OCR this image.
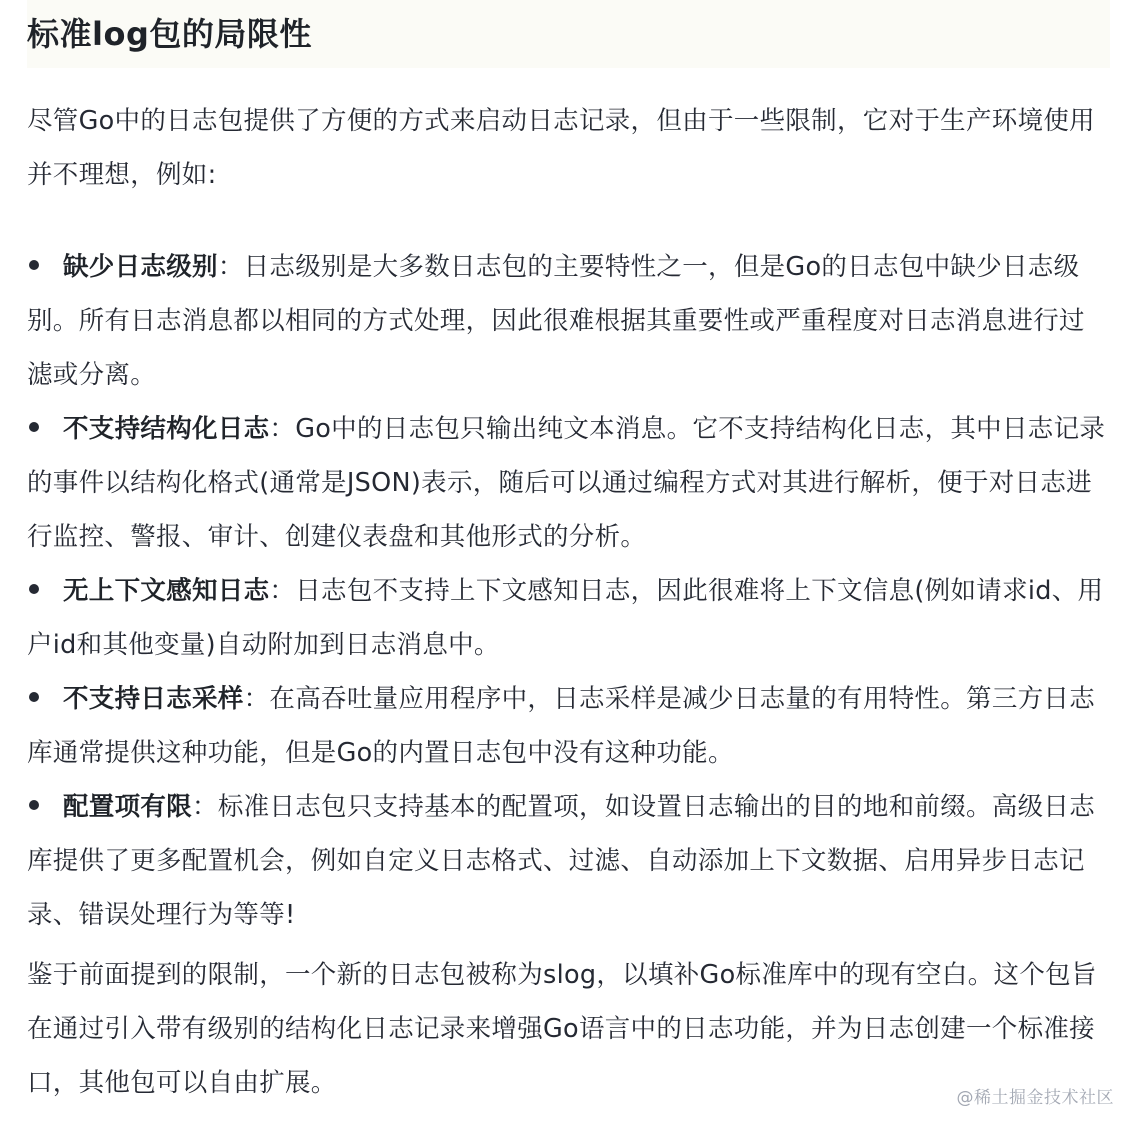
标准log包的局限性

尽管Go中的日志包提供了方便的方式来启动日志记录，但由于一些限制，它对于生产环境使用并不理想，例如:

缺少日志级别：日志级别是大多数日志包的主要特性之一，但是Go的日志包中缺少日志级别。所有日志消息都以相同的方式处理，因此很难根据其重要性或严重程度对日志消息进行过滤或分离。
不支持结构化日志：Go中的日志包只输出纯文本消息。它不支持结构化日志，其中日志记录的事件以结构化格式(通常是JSON)表示，随后可以通过编程方式对其进行解析，便于对日志进行监控、警报、审计、创建仪表盘和其他形式的分析。
无上下文感知日志：日志包不支持上下文感知日志，因此很难将上下文信息(例如请求id、用户id和其他变量)自动附加到日志消息中。
不支持日志采样：在高吞吐量应用程序中，日志采样是减少日志量的有用特性。第三方日志库通常提供这种功能，但是Go的内置日志包中没有这种功能。
配置项有限：标准日志包只支持基本的配置项，如设置日志输出的目的地和前缀。高级日志库提供了更多配置机会，例如自定义日志格式、过滤、自动添加上下文数据、启用异步日志记录、错误处理行为等等!

鉴于前面提到的限制，一个新的日志包被称为slog，以填补Go标准库中的现有空白。这个包旨在通过引入带有级别的结构化日志记录来增强Go语言中的日志功能，并为日志创建一个标准接口，其他包可以自由扩展。	@稀土掘金技术社区
